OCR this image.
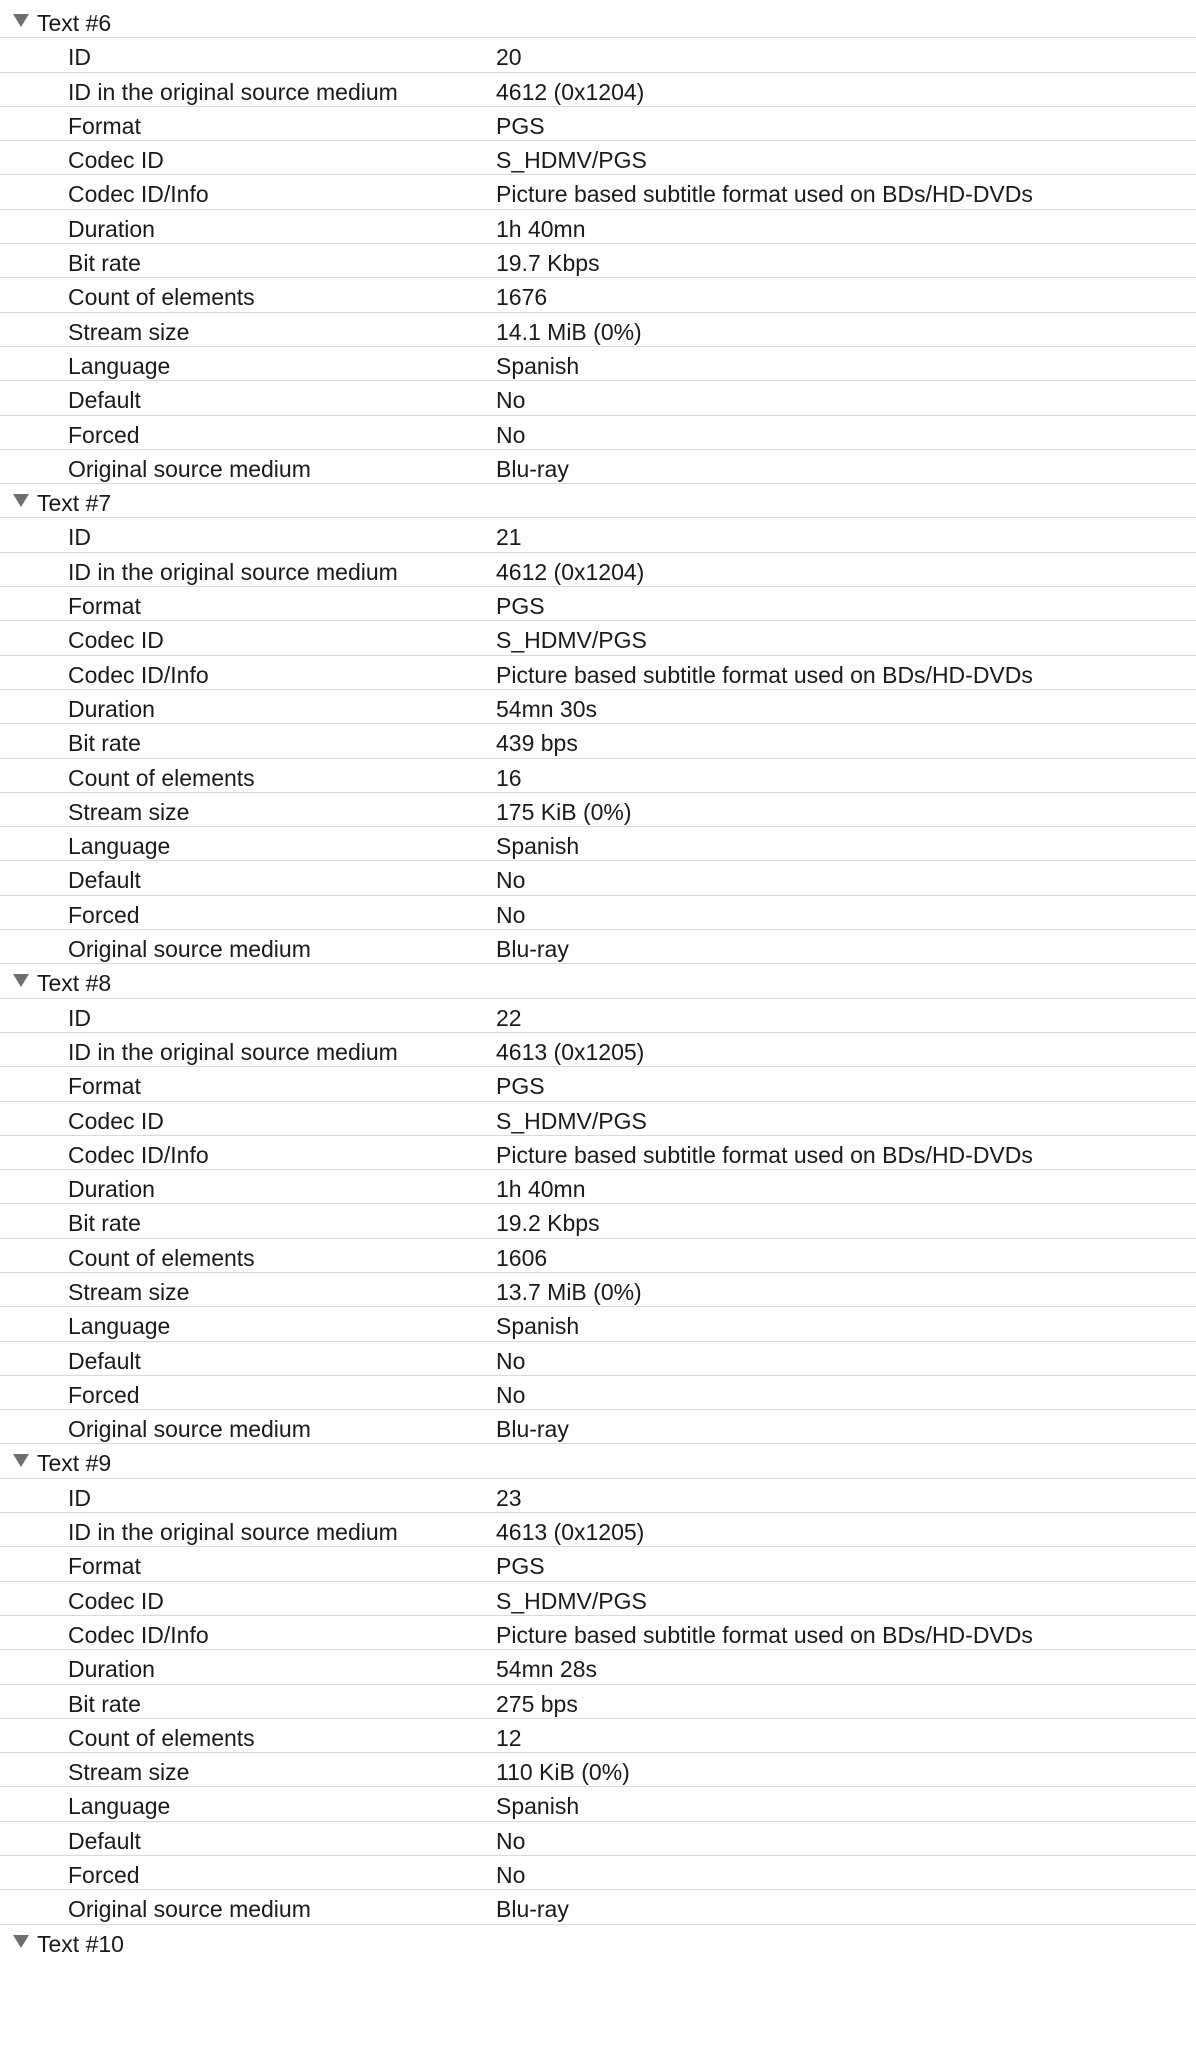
Text #6
ID	20
ID in the original source medium	4612 (0x1204)
Format	PGS
Codec ID	S_HDMV/PGS
Codec ID/Info	Picture based subtitle format used on BDs/HD-DVDs
Duration	1h 40mn
Bit rate	19.7 Kbps
Count of elements	1676
Stream size	14.1 MiB (0%)
Language	Spanish
Default	No
Forced	No
Original source medium	Blu-ray
Text #7
ID	21
ID in the original source medium	4612 (0x1204)
Format	PGS
Codec ID	S_HDMV/PGS
Codec ID/Info	Picture based subtitle format used on BDs/HD-DVDs
Duration	54mn 30s
Bit rate	439 bps
Count of elements	16
Stream size	175 KiB (0%)
Language	Spanish
Default	No
Forced	No
Original source medium	Blu-ray
Text #8
ID	22
ID in the original source medium	4613 (0x1205)
Format	PGS
Codec ID	S_HDMV/PGS
Codec ID/Info	Picture based subtitle format used on BDs/HD-DVDs
Duration	1h 40mn
Bit rate	19.2 Kbps
Count of elements	1606
Stream size	13.7 MiB (0%)
Language	Spanish
Default	No
Forced	No
Original source medium	Blu-ray
Text #9
ID	23
ID in the original source medium	4613 (0x1205)
Format	PGS
Codec ID	S_HDMV/PGS
Codec ID/Info	Picture based subtitle format used on BDs/HD-DVDs
Duration	54mn 28s
Bit rate	275 bps
Count of elements	12
Stream size	110 KiB (0%)
Language	Spanish
Default	No
Forced	No
Original source medium	Blu-ray
Text #10
